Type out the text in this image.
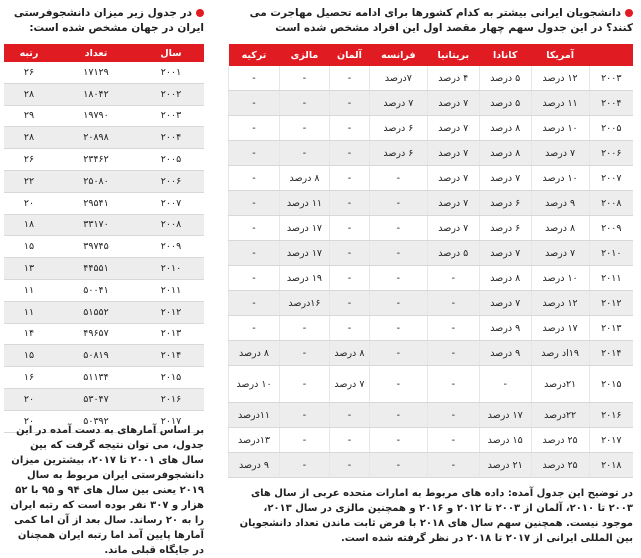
در جدول زیر میزان دانشجوفرستی ایران در جهان مشخص شده است:
سال	تعداد	رتبه
۲۰۰۱	۱۷۱۲۹	۲۶
۲۰۰۲	۱۸۰۴۲	۲۸
۲۰۰۳	۱۹۷۹۰	۲۹
۲۰۰۴	۲۰۸۹۸	۲۸
۲۰۰۵	۲۳۴۶۲	۲۶
۲۰۰۶	۲۵۰۸۰	۲۲
۲۰۰۷	۲۹۵۴۱	۲۰
۲۰۰۸	۳۳۱۷۰	۱۸
۲۰۰۹	۳۹۷۴۵	۱۵
۲۰۱۰	۴۴۵۵۱	۱۳
۲۰۱۱	۵۰۰۴۱	۱۱
۲۰۱۲	۵۱۵۵۲	۱۱
۲۰۱۳	۴۹۶۵۷	۱۴
۲۰۱۴	۵۰۸۱۹	۱۵
۲۰۱۵	۵۱۱۳۴	۱۶
۲۰۱۶	۵۳۰۴۷	۲۰
۲۰۱۷	۵۰۳۹۲	۲۰
بر اساس آمارهای به دست آمده در این جدول، می توان نتیجه گرفت که بین سال های ۲۰۰۱ تا ۲۰۱۷، بیشترین میزان دانشجوفرستی ایران مربوط به سال ۲۰۱۹ یعنی بین سال های ۹۴ و ۹۵ با ۵۲ هزار و ۳۰۷ نفر بوده است که رتبه ایران را به ۲۰ رساند. سال بعد از آن اما کمی آمارها پایین آمد اما رتبه ایران همچنان در جایگاه قبلی ماند.
دانشجویان ایرانی بیشتر به کدام کشورها برای ادامه تحصیل مهاجرت می کنند؟ در این جدول سهم چهار مقصد اول این افراد مشخص شده است
	آمریکا	کانادا	بریتانیا	فرانسه	آلمان	مالزی	ترکیه
۲۰۰۳	۱۲ درصد	۵ درصد	۴ درصد	۷درصد	-	-	-
۲۰۰۴	۱۱ درصد	۵ درصد	۷ درصد	۷ درصد	-	-	-
۲۰۰۵	۱۰ درصد	۸ درصد	۷ درصد	۶ درصد	-	-	-
۲۰۰۶	۷ درصد	۸ درصد	۷ درصد	۶ درصد	-	-	-
۲۰۰۷	۱۰ درصد	۷ درصد	۷ درصد	-	-	۸ درصد	-
۲۰۰۸	۹ درصد	۶ درصد	۷ درصد	-	-	۱۱ درصد	-
۲۰۰۹	۸ درصد	۶ درصد	۷ درصد	-	-	۱۷ درصد	-
۲۰۱۰	۷ درصد	۷ درصد	۵ درصد	-	-	۱۷ درصد	-
۲۰۱۱	۱۰ درصد	۸ درصد	-	-	-	۱۹ درصد	-
۲۰۱۲	۱۲ درصد	۷ درصد	-	-	-	۱۶درصد	-
۲۰۱۳	۱۷ درصد	۹ درصد	-	-	-	-	-
۲۰۱۴	۱۹اد رصد	۹ درصد	-	-	۸ درصد	-	۸ درصد
۲۰۱۵	۲۱درصد	-	-	-	۷ درصد	-	۱۰ درصد
۲۰۱۶	۲۲درصد	۱۷ درصد	-	-	-	-	۱۱درصد
۲۰۱۷	۲۵ درصد	۱۵ درصد	-	-	-	-	۱۳درصد
۲۰۱۸	۲۵ درصد	۲۱ درصد	-	-	-	-	۹ درصد
در توضیح این جدول آمده: داده های مربوط به امارات متحده عربی از سال های ۲۰۰۳ تا ۲۰۱۰، آلمان از ۲۰۰۳ تا ۲۰۱۲ و ۲۰۱۶ و همچنین مالزی در سال ۲۰۱۳، موجود نیست. همچنین سهم سال های ۲۰۱۸ با فرض ثابت ماندن تعداد دانشجویان بین المللی ایرانی از ۲۰۱۷ تا ۲۰۱۸ در نظر گرفته شده است.
